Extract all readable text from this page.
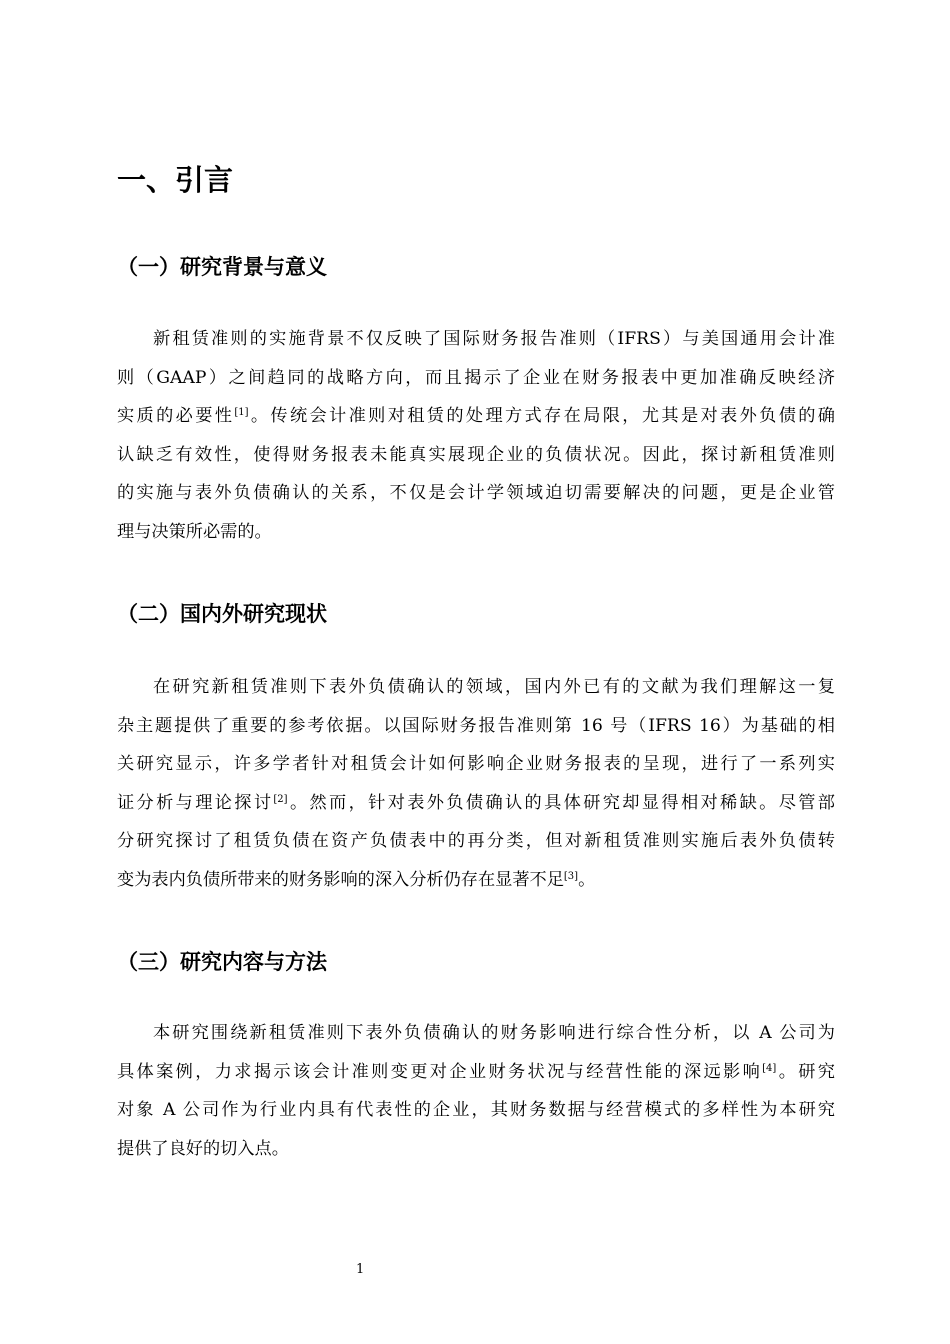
一、引言
（一）研究背景与意义
新租赁准则的实施背景不仅反映了国际财务报告准则（IFRS）与美国通用会计准
则（GAAP）之间趋同的战略方向，而且揭示了企业在财务报表中更加准确反映经济
实质的必要性[1]。传统会计准则对租赁的处理方式存在局限，尤其是对表外负债的确
认缺乏有效性，使得财务报表未能真实展现企业的负债状况。因此，探讨新租赁准则
的实施与表外负债确认的关系，不仅是会计学领域迫切需要解决的问题，更是企业管
理与决策所必需的。
（二）国内外研究现状
在研究新租赁准则下表外负债确认的领域，国内外已有的文献为我们理解这一复
杂主题提供了重要的参考依据。以国际财务报告准则第 16 号（IFRS 16）为基础的相
关研究显示，许多学者针对租赁会计如何影响企业财务报表的呈现，进行了一系列实
证分析与理论探讨[2]。然而，针对表外负债确认的具体研究却显得相对稀缺。尽管部
分研究探讨了租赁负债在资产负债表中的再分类，但对新租赁准则实施后表外负债转
变为表内负债所带来的财务影响的深入分析仍存在显著不足[3]。
（三）研究内容与方法
本研究围绕新租赁准则下表外负债确认的财务影响进行综合性分析，以 A 公司为
具体案例，力求揭示该会计准则变更对企业财务状况与经营性能的深远影响[4]。研究
对象 A 公司作为行业内具有代表性的企业，其财务数据与经营模式的多样性为本研究
提供了良好的切入点。
1
